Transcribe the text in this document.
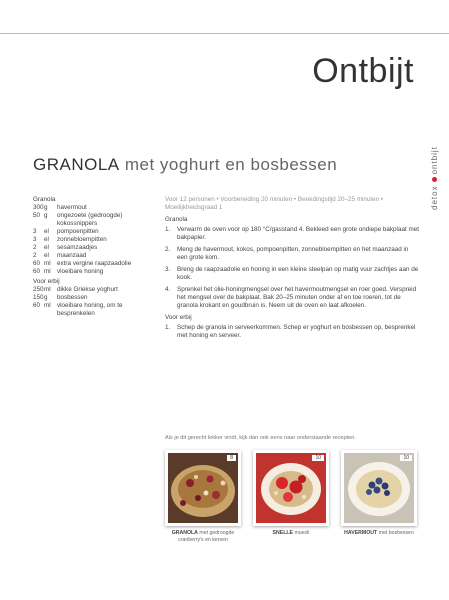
Ontbijt
detox
ontbijt
GRANOLA met yoghurt en bosbessen
Granola
300 g	havermout
50 g	ongezoete (gedroogde) kokossnippers
3	el	pompoenpitten
3	el	zonnebloempitten
2	el	sesamzaadjes
2	el	maanzaad
60 ml	extra vergine raapzaadolie
60 ml	vloeibare honing
Voor erbij
250 ml	dikke Griekse yoghurt
150 g	bosbessen
60 ml	vloeibare honing, om te besprenkelen
Voor 12 personen • Voorbereiding 20 minuten • Bereidingstijd 20–25 minuten • Moeilijkheidsgraad 1
Granola
1.	Verwarm de oven voor op 180 °C/gasstand 4. Bekleed een grote ondiepe bakplaat met bakpapier.
2.	Meng de havermout, kokos, pompoenpitten, zonnebloempitten en het maanzaad in een grote kom.
3.	Breng de raapzaadolie en honing in een kleine steelpan op matig vuur zachtjes aan de kook.
4.	Sprenkel het olie-honingmengsel over het havermoutmengsel en roer goed. Verspreid het mengsel over de bakplaat. Bak 20–25 minuten onder af en toe roeren, tot de granola krokant en goudbruin is. Neem uit de oven en laat afkoelen.
Voor erbij
1.	Schep de granola in serveerkommen. Schep er yoghurt en bosbessen op, besprenkel met honing en serveer.
Als je dit gerecht lekker vindt, kijk dan ook eens naar onderstaande recepten.
8
GRANOLA met gedroogde cranberry's en kersen
10
SNELLE muesli
10
HAVERMOUT met bosbessen
